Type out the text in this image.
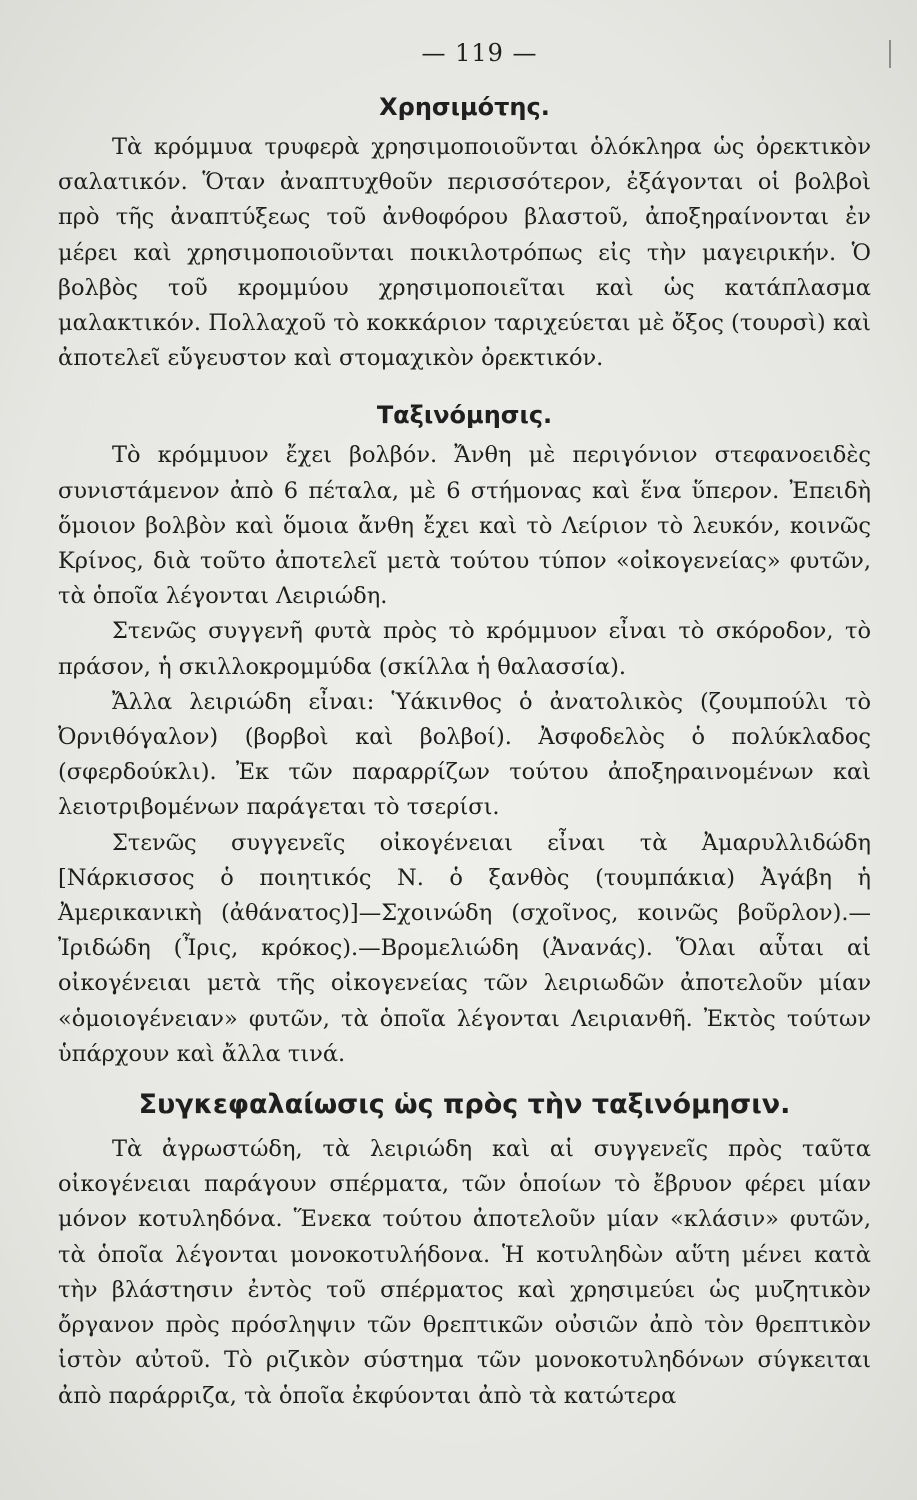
— 119 —
Χρησιμότης.

Τὰ κρόμμυα τρυφερὰ χρησιμοποιοῦνται ὁλόκληρα ὡς ὀρεκτικὸν σαλατικόν. Ὅταν ἀναπτυχθοῦν περισσότερον, ἐξάγονται οἱ βολβοὶ πρὸ τῆς ἀναπτύξεως τοῦ ἀνθοφόρου βλαστοῦ, ἀποξηραίνονται ἐν μέρει καὶ χρησιμοποιοῦνται ποικιλοτρόπως εἰς τὴν μαγειρικήν. Ὁ βολβὸς τοῦ κρομμύου χρησιμοποιεῖται καὶ ὡς κατάπλασμα μαλακτικόν. Πολλαχοῦ τὸ κοκκάριον ταριχεύεται μὲ ὄξος (τουρσὶ) καὶ ἀποτελεῖ εὔγευστον καὶ στομαχικὸν ὀρεκτικόν.

Ταξινόμησις.

Τὸ κρόμμυον ἔχει βολβόν. Ἄνθη μὲ περιγόνιον στεφανοειδὲς συνιστάμενον ἀπὸ 6 πέταλα, μὲ 6 στήμονας καὶ ἕνα ὕπερον. Ἐπειδὴ ὅμοιον βολβὸν καὶ ὅμοια ἄνθη ἔχει καὶ τὸ Λείριον τὸ λευκόν, κοινῶς Κρίνος, διὰ τοῦτο ἀποτελεῖ μετὰ τούτου τύπον «οἰκογενείας» φυτῶν, τὰ ὁποῖα λέγονται Λειριώδη.

Στενῶς συγγενῆ φυτὰ πρὸς τὸ κρόμμυον εἶναι τὸ σκόροδον, τὸ πράσον, ἡ σκιλλοκρομμύδα (σκίλλα ἡ θαλασσία).

Ἄλλα λειριώδη εἶναι: Ὑάκινθος ὁ ἀνατολικὸς (ζουμπούλι τὸ Ὀρνιθόγαλον) (βορβοὶ καὶ βολβοί). Ἀσφοδελὸς ὁ πολύκλαδος (σφερδούκλι). Ἐκ τῶν παραρρίζων τούτου ἀποξηραινομένων καὶ λειοτριβομένων παράγεται τὸ τσερίσι.

Στενῶς συγγενεῖς οἰκογένειαι εἶναι τὰ Ἀμαρυλλιδώδη [Νάρκισσος ὁ ποιητικός Ν. ὁ ξανθὸς (τουμπάκια) Ἀγάβη ἡ Ἀμερικανικὴ (ἀθάνατος)]—Σχοινώδη (σχοῖνος, κοινῶς βοῦρλον).—Ἰριδώδη (Ἶρις, κρόκος).—Βρομελιώδη (Ἀνανάς). Ὅλαι αὗται αἱ οἰκογένειαι μετὰ τῆς οἰκογενείας τῶν λειριωδῶν ἀποτελοῦν μίαν «ὁμοιογένειαν» φυτῶν, τὰ ὁποῖα λέγονται Λειριανθῆ. Ἐκτὸς τούτων ὑπάρχουν καὶ ἄλλα τινά.

Συγκεφαλαίωσις ὡς πρὸς τὴν ταξινόμησιν.

Τὰ ἀγρωστώδη, τὰ λειριώδη καὶ αἱ συγγενεῖς πρὸς ταῦτα οἰκογένειαι παράγουν σπέρματα, τῶν ὁποίων τὸ ἔβρυον φέρει μίαν μόνον κοτυληδόνα. Ἕνεκα τούτου ἀποτελοῦν μίαν «κλάσιν» φυτῶν, τὰ ὁποῖα λέγονται μονοκοτυλήδονα. Ἡ κοτυληδὼν αὕτη μένει κατὰ τὴν βλάστησιν ἐντὸς τοῦ σπέρματος καὶ χρησιμεύει ὡς μυζητικὸν ὄργανον πρὸς πρόσληψιν τῶν θρεπτικῶν οὐσιῶν ἀπὸ τὸν θρεπτικὸν ἱστὸν αὐτοῦ. Τὸ ριζικὸν σύστημα τῶν μονοκοτυληδόνων σύγκειται ἀπὸ παράρριζα, τὰ ὁποῖα ἐκφύονται ἀπὸ τὰ κατώτερα
